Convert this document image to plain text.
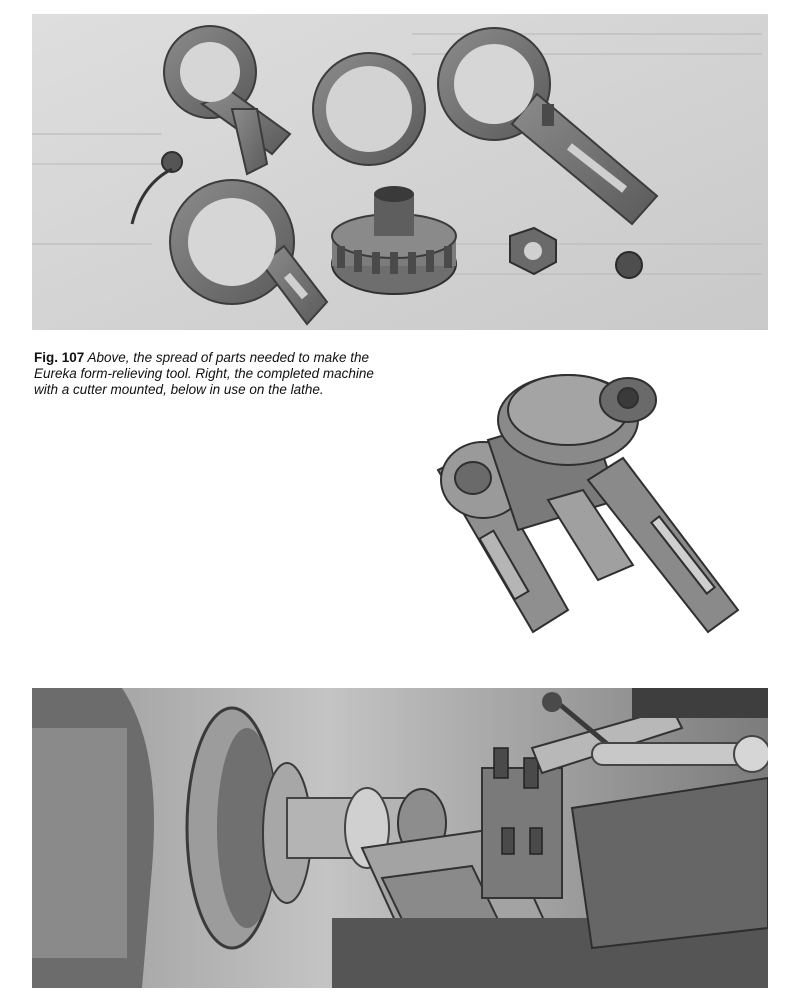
Fig. 107 Above, the spread of parts needed to make the Eureka form-relieving tool. Right, the completed machine with a cutter mounted, below in use on the lathe.
